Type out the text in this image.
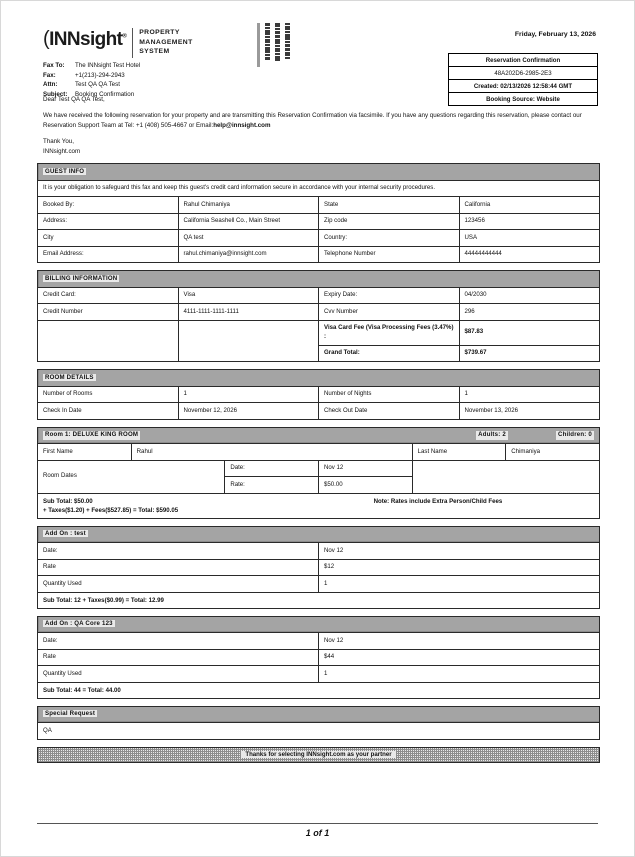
(INNsight®
PROPERTY
MANAGEMENT
SYSTEM
Friday, February 13, 2026
Reservation Confirmation
48A202D6-2985-2E3
Created: 02/13/2026 12:58:44 GMT
Booking Source: Website
Fax To:	The INNsight Test Hotel
Fax:	+1(213)-294-2943
Attn:	Test QA QA Test
Subject:	Booking Confirmation

Dear Test QA QA Test,

We have received the following reservation for your property and are transmitting this Reservation Confirmation via facsimile. If you have any questions regarding this reservation, please contact our Reservation Support Team at Tel: +1 (408) 505-4667 or Email:help@innsight.com

Thank You,

INNsight.com

GUEST INFO			
It is your obligation to safeguard this fax and keep this guest's credit card information secure in accordance with your internal security procedures.			
Booked By:	Rahul Chimaniya	State	California
Address:	California Seashell Co., Main Street	Zip code	123456
City	QA test	Country:	USA
Email Address:	rahul.chimaniya@innsight.com	Telephone Number	44444444444
BILLING INFORMATION			
Credit Card:	Visa	Expiry Date:	04/2030
Credit Number	4111-1111-1111-1111	Cvv Number	296
		Visa Card Fee (Visa Processing Fees (3.47%) :	$87.83
		Grand Total:	$739.67
ROOM DETAILS			
Number of Rooms	1	Number of Nights	1
Check In Date	November 12, 2026	Check Out Date	November 13, 2026
Room 1: DELUXE KING ROOM Adults: 2 Children: 0					

First Name	Rahul			Last Name	Chimaniya
Room Dates		Date:	Nov 12		
		Rate:	$50.00		
Sub Total: $50.00
+ Taxes($1.20) + Fees($527.85) = Total: $590.05
Note: Rates include Extra Person/Child Fees
Add On : test	
Date:	Nov 12
Rate	$12
Quantity Used	1
Sub Total: 12 + Taxes($0.99) = Total: 12.99
Add On : QA Core 123	
Date:	Nov 12
Rate	$44
Quantity Used	1
Sub Total: 44 = Total: 44.00
Special Request
QA
Thanks for selecting INNsight.com as your partner
1 of 1
